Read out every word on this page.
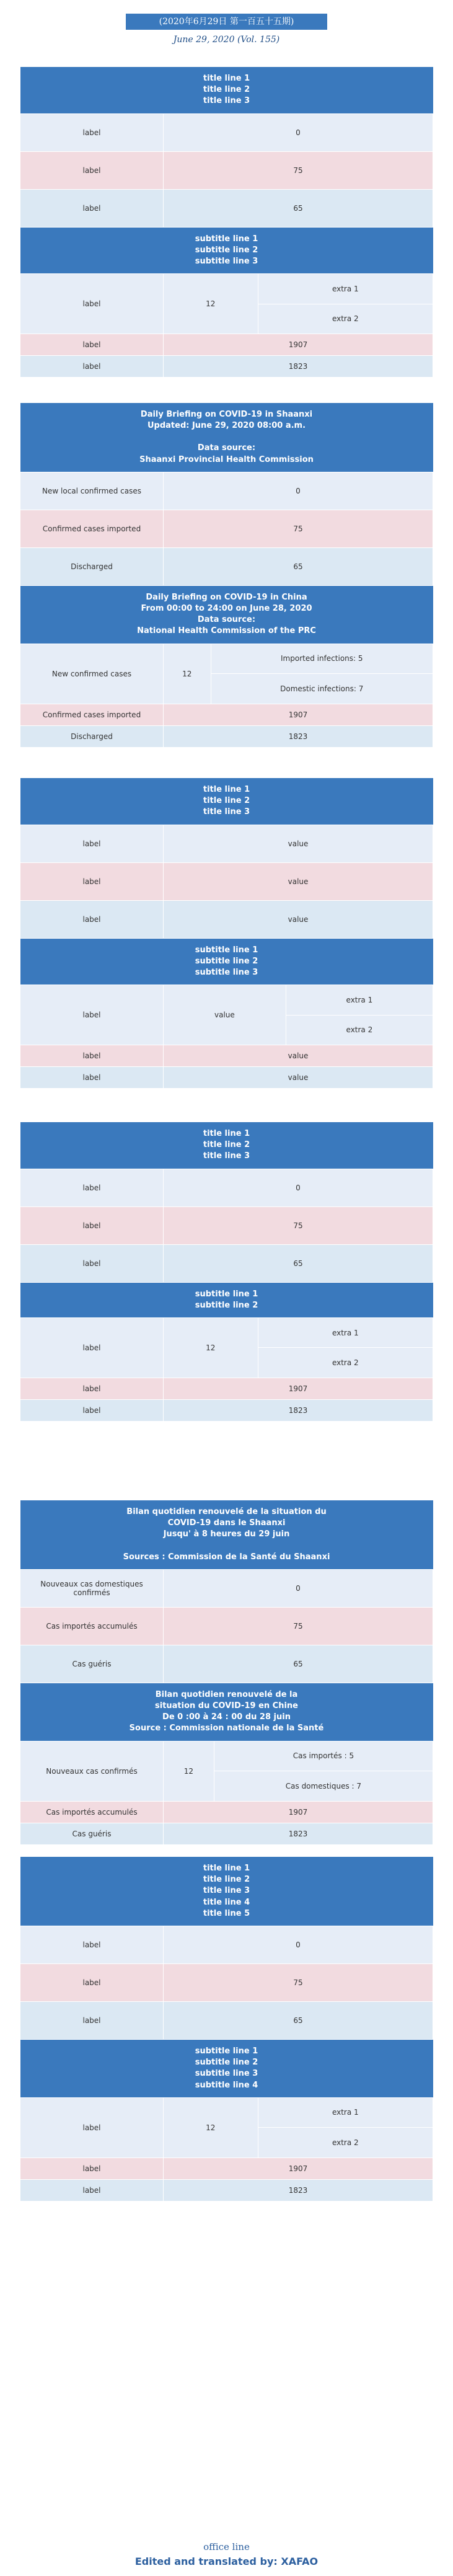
(2020年6月29日 第一百五十五期)
June 29, 2020 (Vol. 155)
title line 1
title line 2
title line 3		

label	0	
label	75	
label	65	

subtitle line 1
subtitle line 2
subtitle line 3		

label	12	extra 1
		extra 2
label	1907	
label	1823	
Daily Briefing on COVID-19 in Shaanxi
Updated: June 29, 2020 08:00 a.m.
Data source:
Shaanxi Provincial Health Commission		

New local confirmed cases	0	
Confirmed cases imported	75	
Discharged	65	

Daily Briefing on COVID-19 in China
From 00:00 to 24:00 on June 28, 2020
Data source:
National Health Commission of the PRC		

New confirmed cases	12	Imported infections: 5
		Domestic infections: 7
Confirmed cases imported	1907	
Discharged	1823	
title line 1
title line 2
title line 3		

label	value	
label	value	
label	value	

subtitle line 1
subtitle line 2
subtitle line 3		

label	value	extra 1
		extra 2
label	value	
label	value	
title line 1
title line 2
title line 3		

label	0	
label	75	
label	65	

subtitle line 1
subtitle line 2		

label	12	extra 1
		extra 2
label	1907	
label	1823	
Bilan quotidien renouvelé de la situation du
COVID-19 dans le Shaanxi
Jusqu' à 8 heures du 29 juin
Sources : Commission de la Santé du Shaanxi		

Nouveaux cas domestiques confirmés	0	
Cas importés accumulés	75	
Cas guéris	65	

Bilan quotidien renouvelé de la
situation du COVID-19 en Chine
De 0 :00 à 24 : 00 du 28 juin
Source : Commission nationale de la Santé		

Nouveaux cas confirmés	12	Cas importés : 5
		Cas domestiques : 7
Cas importés accumulés	1907	
Cas guéris	1823	
title line 1
title line 2
title line 3
title line 4
title line 5		

label	0	
label	75	
label	65	

subtitle line 1
subtitle line 2
subtitle line 3
subtitle line 4		

label	12	extra 1
		extra 2
label	1907	
label	1823	
office line
Edited and translated by: XAFAO
